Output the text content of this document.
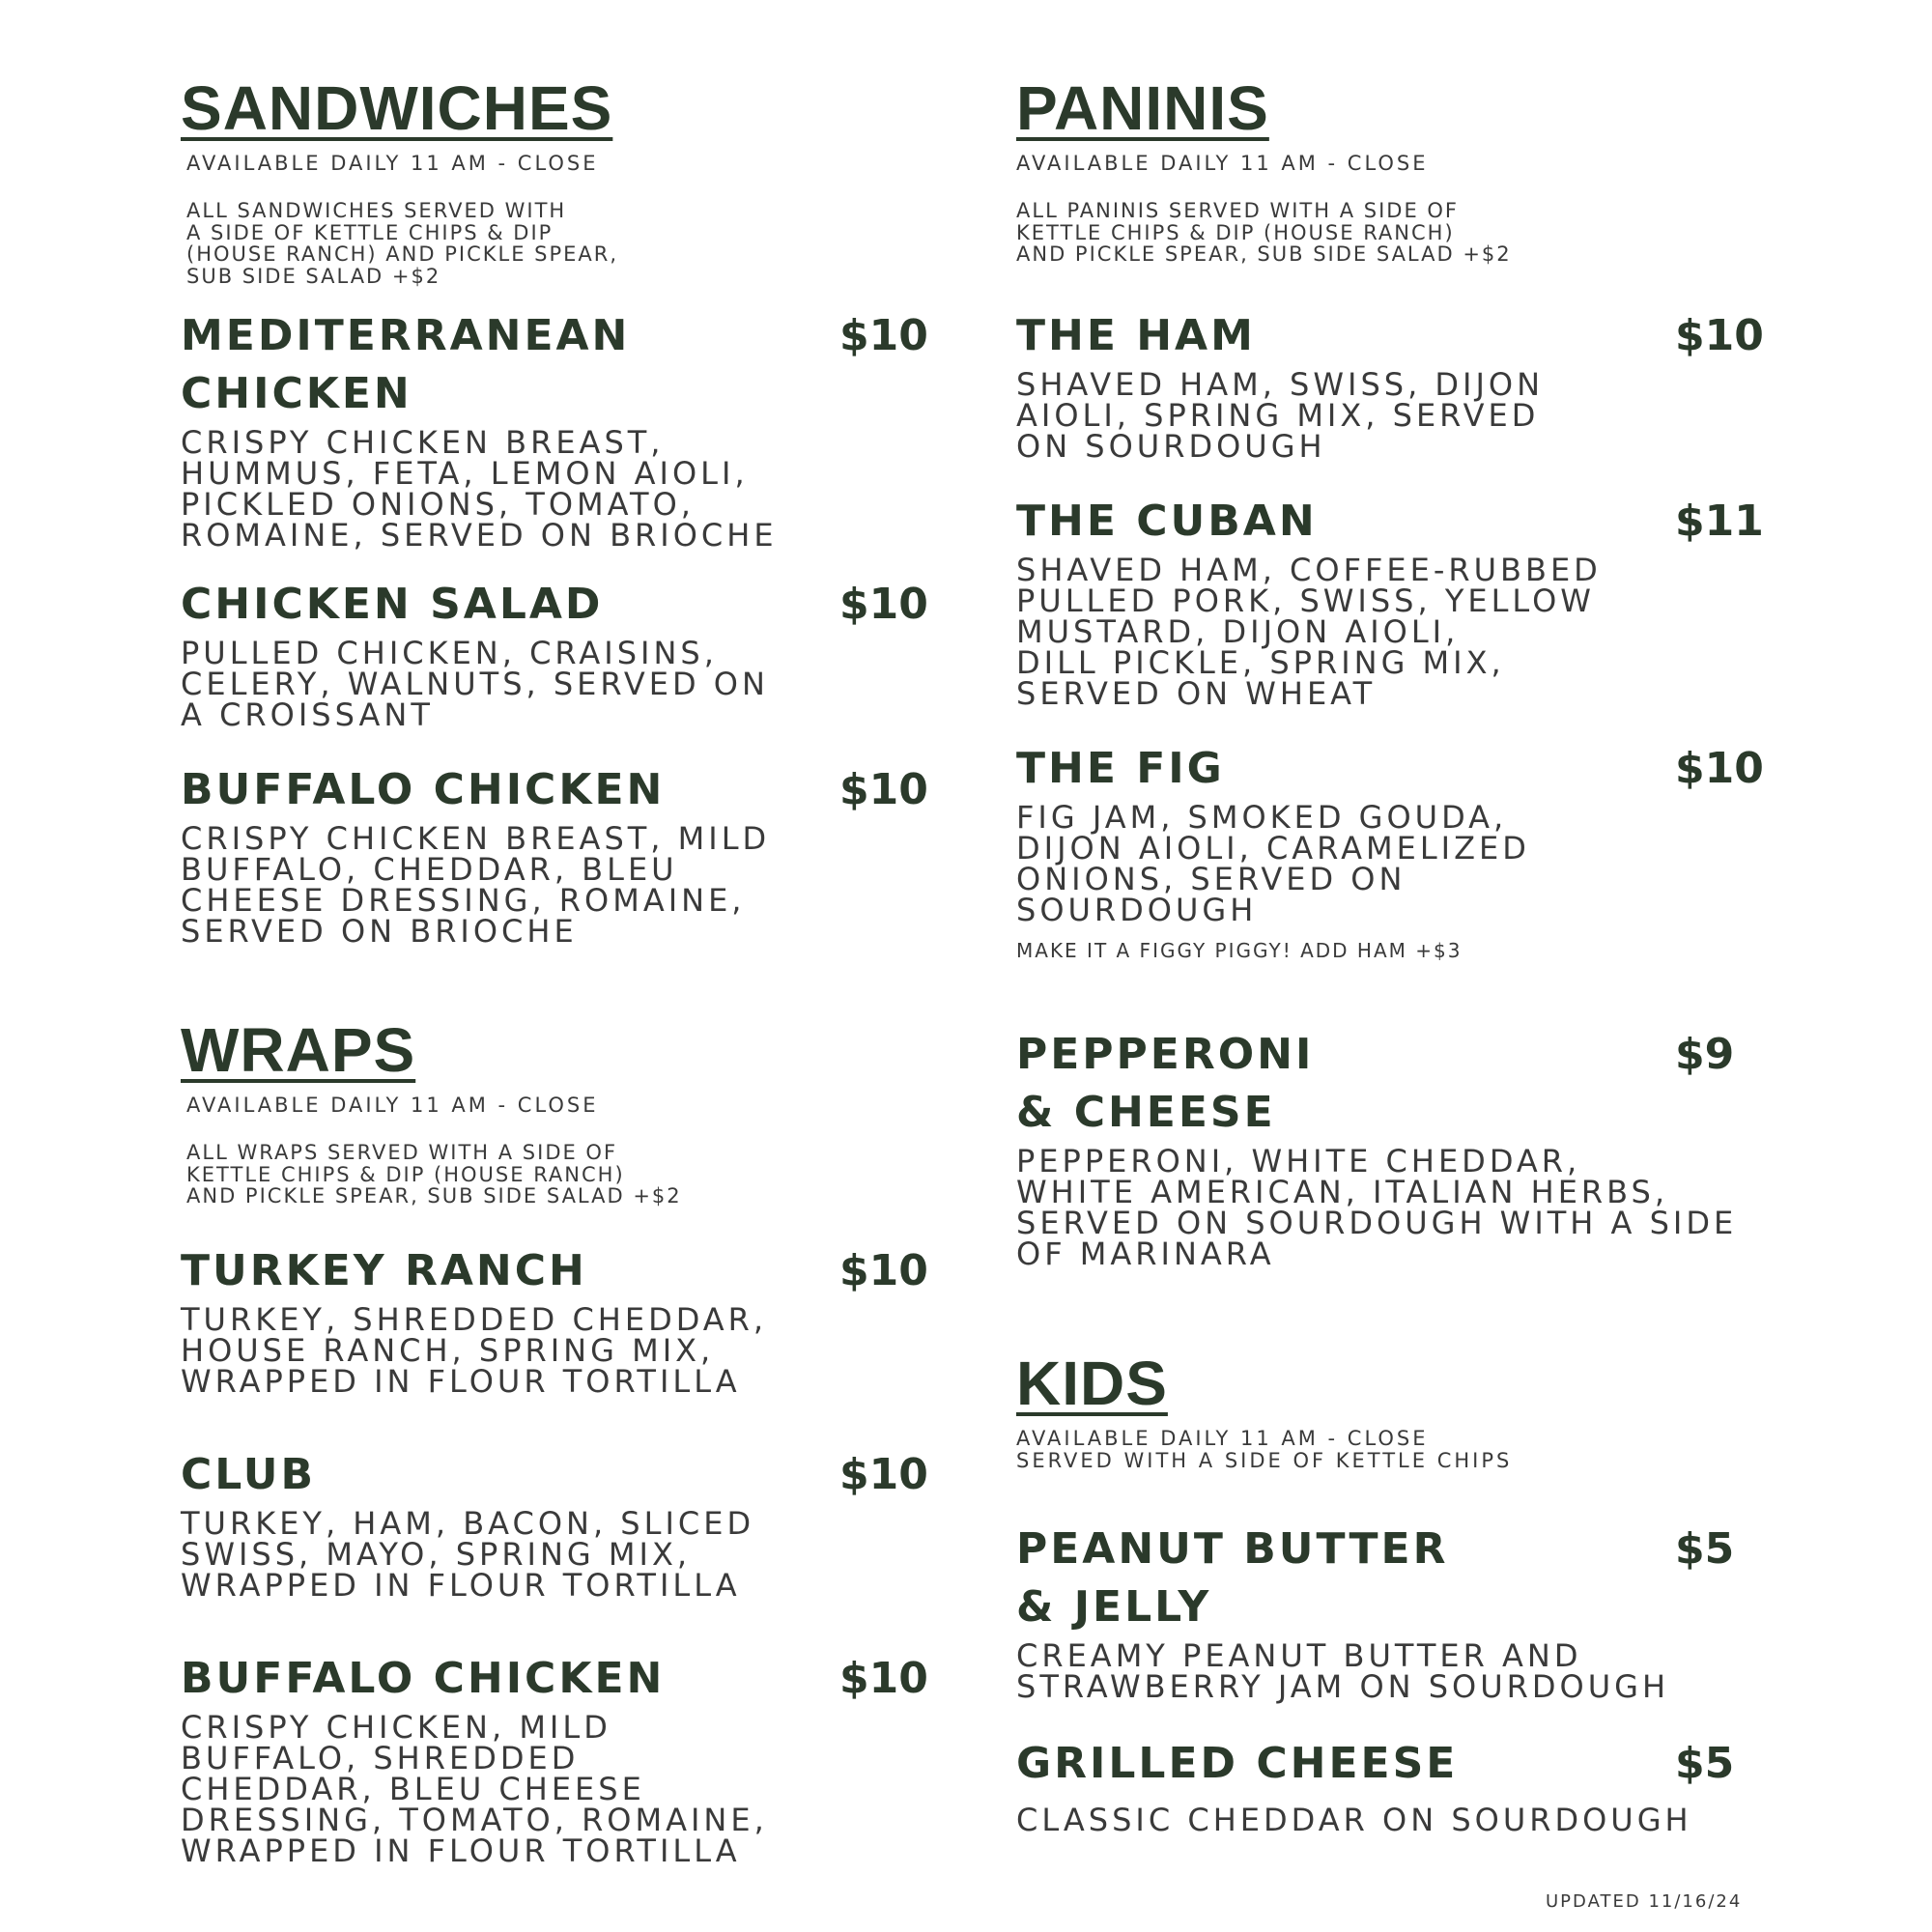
SANDWICHES
AVAILABLE DAILY 11 AM - CLOSE
ALL SANDWICHES SERVED WITH
A SIDE OF KETTLE CHIPS & DIP
(HOUSE RANCH) AND PICKLE SPEAR,
SUB SIDE SALAD +$2
MEDITERRANEAN
CHICKEN
$10
CRISPY CHICKEN BREAST,
HUMMUS, FETA, LEMON AIOLI,
PICKLED ONIONS, TOMATO,
ROMAINE, SERVED ON BRIOCHE
CHICKEN SALAD	$10
PULLED CHICKEN, CRAISINS,
CELERY, WALNUTS, SERVED ON
A CROISSANT
BUFFALO CHICKEN	$10
CRISPY CHICKEN BREAST, MILD
BUFFALO, CHEDDAR, BLEU
CHEESE DRESSING, ROMAINE,
SERVED ON BRIOCHE
WRAPS
AVAILABLE DAILY 11 AM - CLOSE
ALL WRAPS SERVED WITH A SIDE OF
KETTLE CHIPS & DIP (HOUSE RANCH)
AND PICKLE SPEAR, SUB SIDE SALAD +$2
TURKEY RANCH	$10
TURKEY, SHREDDED CHEDDAR,
HOUSE RANCH, SPRING MIX,
WRAPPED IN FLOUR TORTILLA
CLUB	$10
TURKEY, HAM, BACON, SLICED
SWISS, MAYO, SPRING MIX,
WRAPPED IN FLOUR TORTILLA
BUFFALO CHICKEN	$10
CRISPY CHICKEN, MILD
BUFFALO, SHREDDED
CHEDDAR, BLEU CHEESE
DRESSING, TOMATO, ROMAINE,
WRAPPED IN FLOUR TORTILLA
PANINIS
AVAILABLE DAILY 11 AM - CLOSE
ALL PANINIS SERVED WITH A SIDE OF
KETTLE CHIPS & DIP (HOUSE RANCH)
AND PICKLE SPEAR, SUB SIDE SALAD +$2
THE HAM	$10
SHAVED HAM, SWISS, DIJON
AIOLI, SPRING MIX, SERVED
ON SOURDOUGH
THE CUBAN	$11
SHAVED HAM, COFFEE-RUBBED
PULLED PORK, SWISS, YELLOW
MUSTARD, DIJON AIOLI,
DILL PICKLE, SPRING MIX,
SERVED ON WHEAT
THE FIG	$10
FIG JAM, SMOKED GOUDA,
DIJON AIOLI, CARAMELIZED
ONIONS, SERVED ON
SOURDOUGH
MAKE IT A FIGGY PIGGY! ADD HAM +$3
PEPPERONI
& CHEESE
$9
PEPPERONI, WHITE CHEDDAR,
WHITE AMERICAN, ITALIAN HERBS,
SERVED ON SOURDOUGH WITH A SIDE
OF MARINARA
KIDS
AVAILABLE DAILY 11 AM - CLOSE
SERVED WITH A SIDE OF KETTLE CHIPS
PEANUT BUTTER
& JELLY
$5
CREAMY PEANUT BUTTER AND
STRAWBERRY JAM ON SOURDOUGH
GRILLED CHEESE	$5
CLASSIC CHEDDAR ON SOURDOUGH
UPDATED 11/16/24
